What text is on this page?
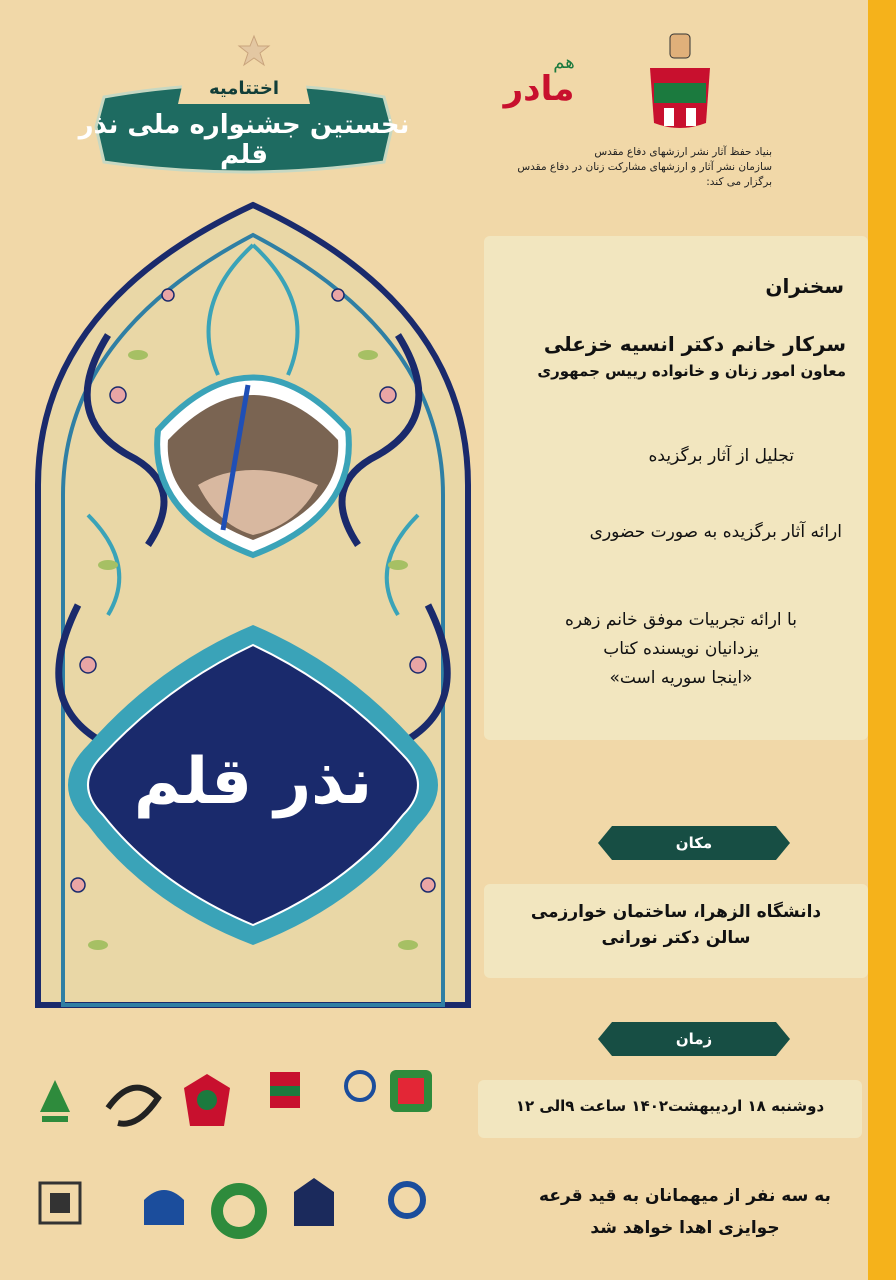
اختتامیه
نخستین جشنواره ملی نذر قلم
نذر قلم
مادر
هم
بنیاد حفظ آثار نشر ارزشهای دفاع مقدس
سازمان نشر آثار و ارزشهای مشارکت زنان در دفاع مقدس
برگزار می کند:
سخنران
سرکار خانم دکتر انسیه خزعلی
معاون امور زنان و خانواده رییس جمهوری
تجلیل از آثار برگزیده
ارائه آثار برگزیده به صورت حضوری
با ارائه تجربیات موفق خانم زهره
یزدانیان نویسنده کتاب
«اینجا سوریه است»
مکان
دانشگاه الزهرا، ساختمان خوارزمی
سالن دکتر نورانی
زمان
دوشنبه ۱۸ اردیبهشت۱۴۰۲ ساعت ۹الی ۱۲
به سه نفر از میهمانان به قید قرعه
جوایزی اهدا خواهد شد
